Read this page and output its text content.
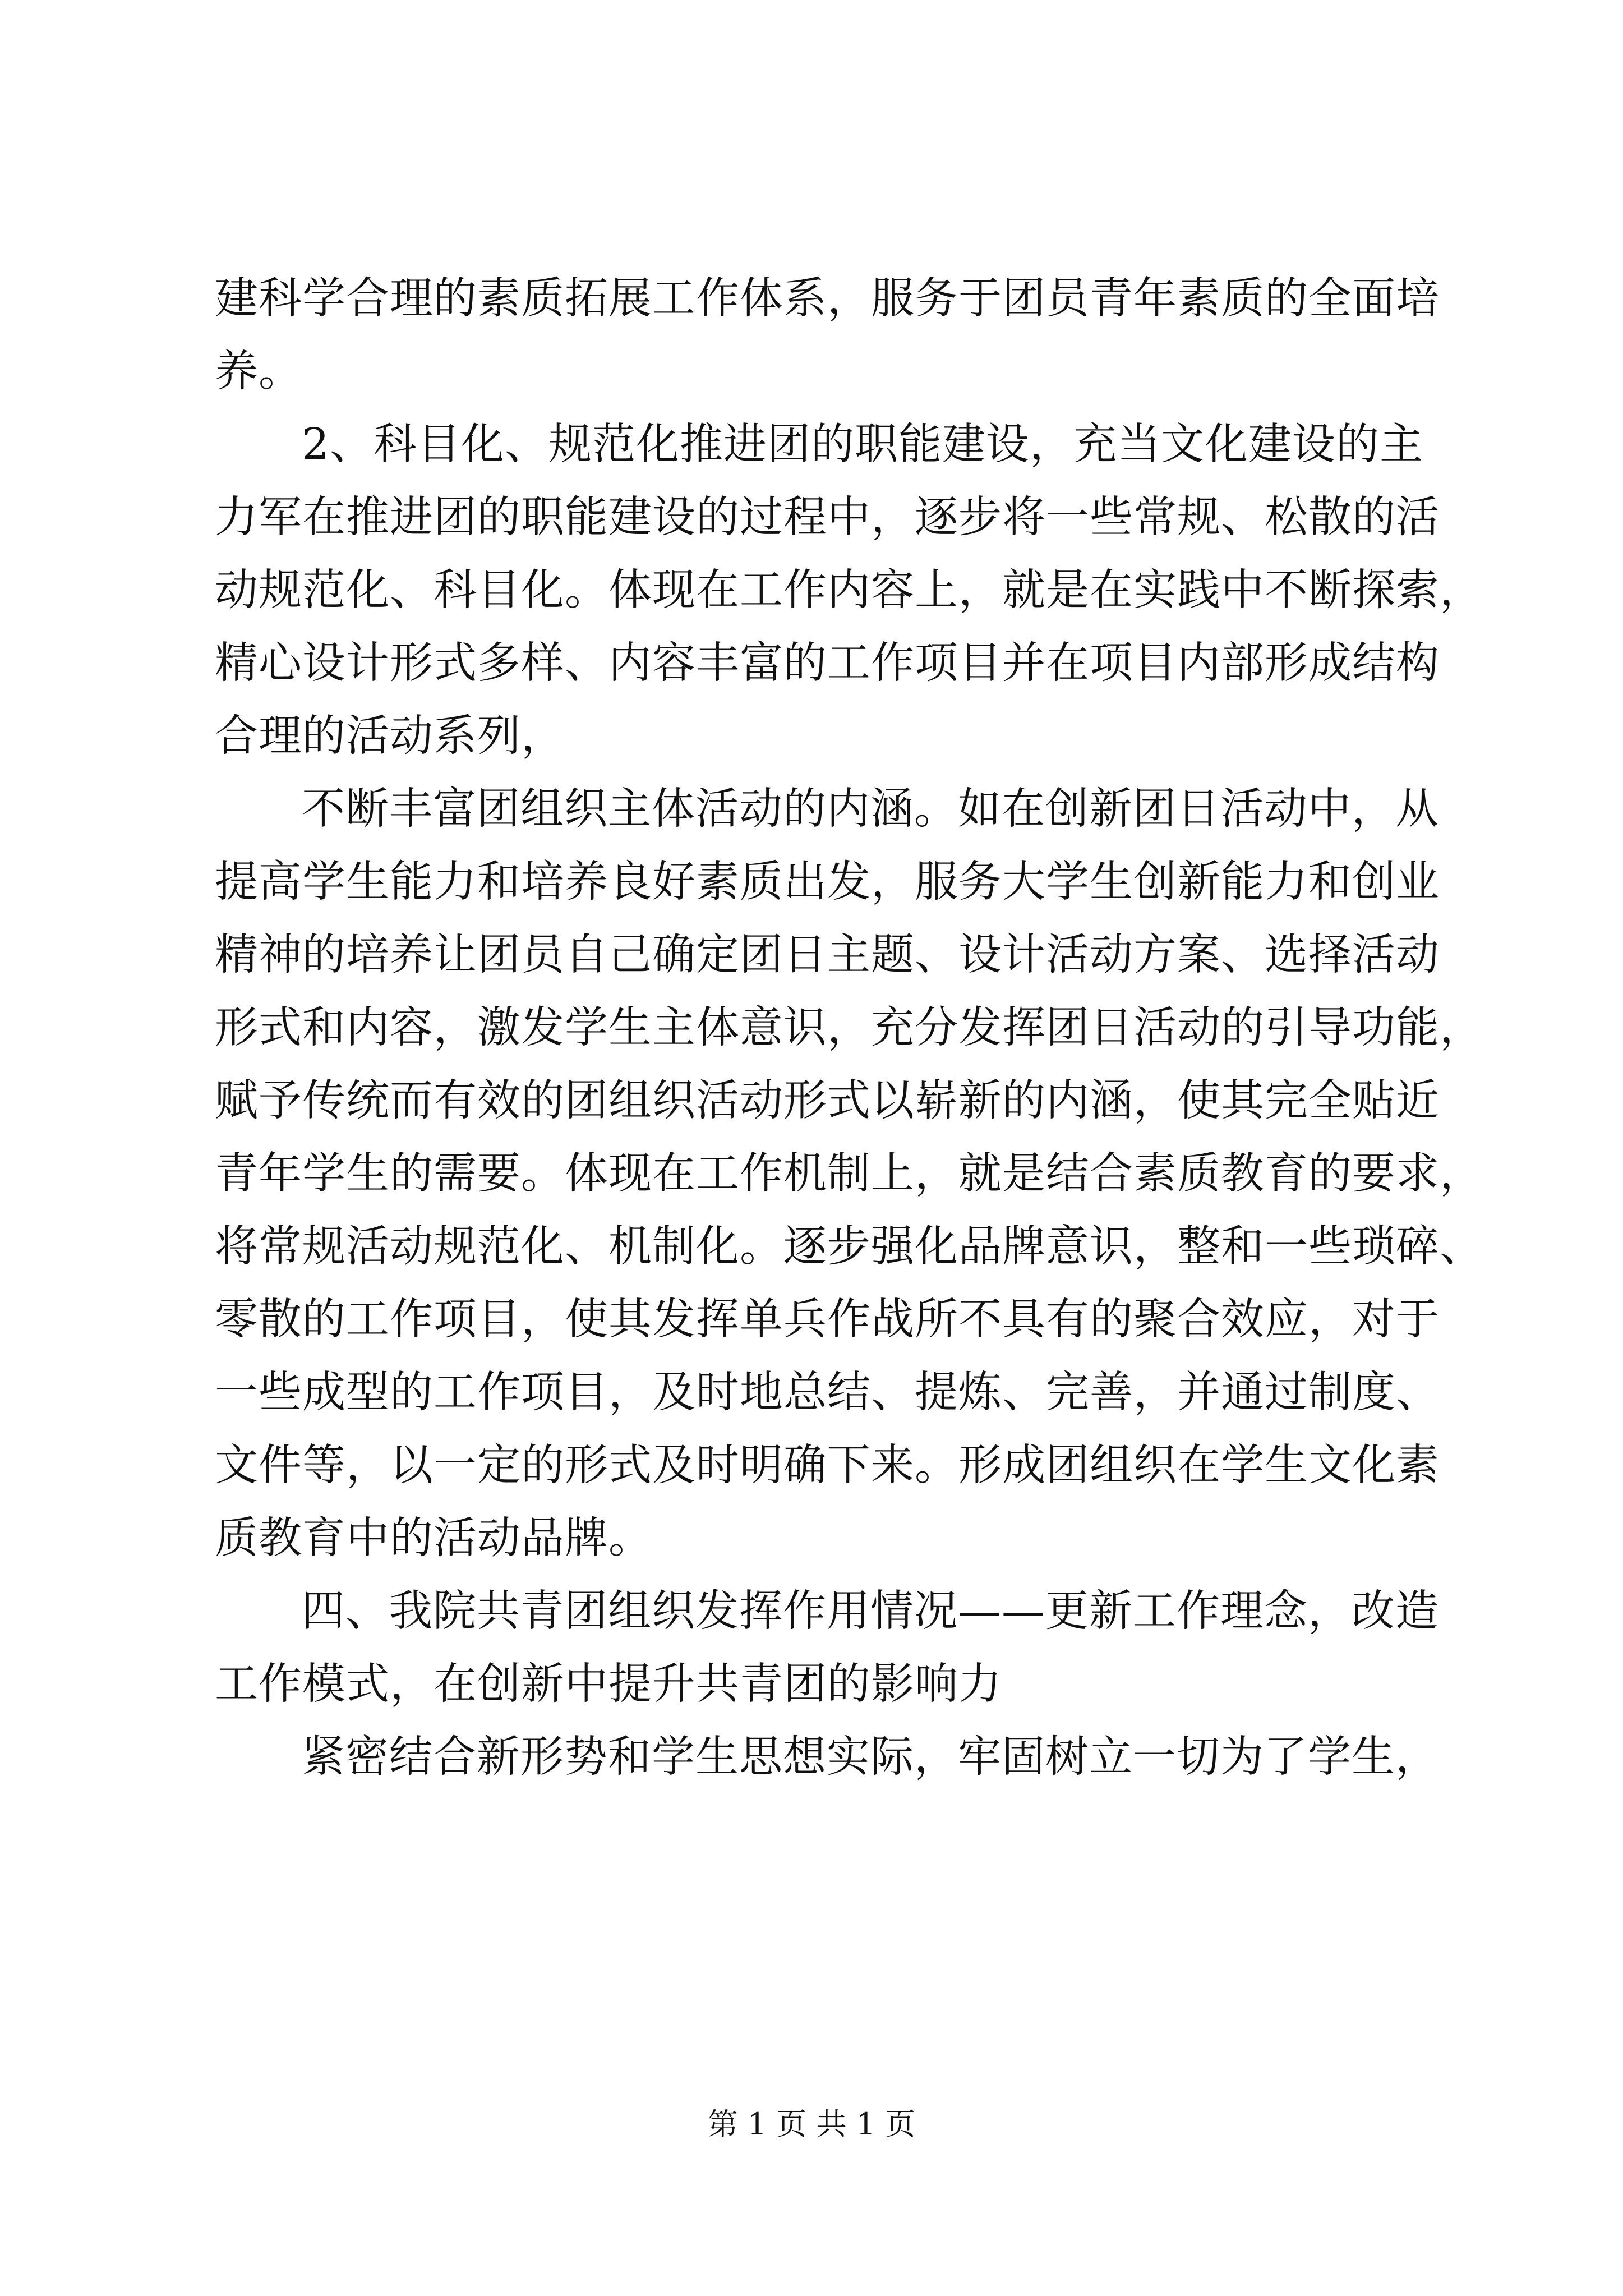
建科学合理的素质拓展工作体系，服务于团员青年素质的全面培
养。
2、科目化、规范化推进团的职能建设，充当文化建设的主
力军在推进团的职能建设的过程中，逐步将一些常规、松散的活
动规范化、科目化。体现在工作内容上，就是在实践中不断探索，
精心设计形式多样、内容丰富的工作项目并在项目内部形成结构
合理的活动系列，
不断丰富团组织主体活动的内涵。如在创新团日活动中，从
提高学生能力和培养良好素质出发，服务大学生创新能力和创业
精神的培养让团员自己确定团日主题、设计活动方案、选择活动
形式和内容，激发学生主体意识，充分发挥团日活动的引导功能，
赋予传统而有效的团组织活动形式以崭新的内涵，使其完全贴近
青年学生的需要。体现在工作机制上，就是结合素质教育的要求，
将常规活动规范化、机制化。逐步强化品牌意识，整和一些琐碎、
零散的工作项目，使其发挥单兵作战所不具有的聚合效应，对于
一些成型的工作项目，及时地总结、提炼、完善，并通过制度、
文件等，以一定的形式及时明确下来。形成团组织在学生文化素
质教育中的活动品牌。
四、我院共青团组织发挥作用情况——更新工作理念，改造
工作模式，在创新中提升共青团的影响力
紧密结合新形势和学生思想实际，牢固树立一切为了学生，
第 1 页 共 1 页
